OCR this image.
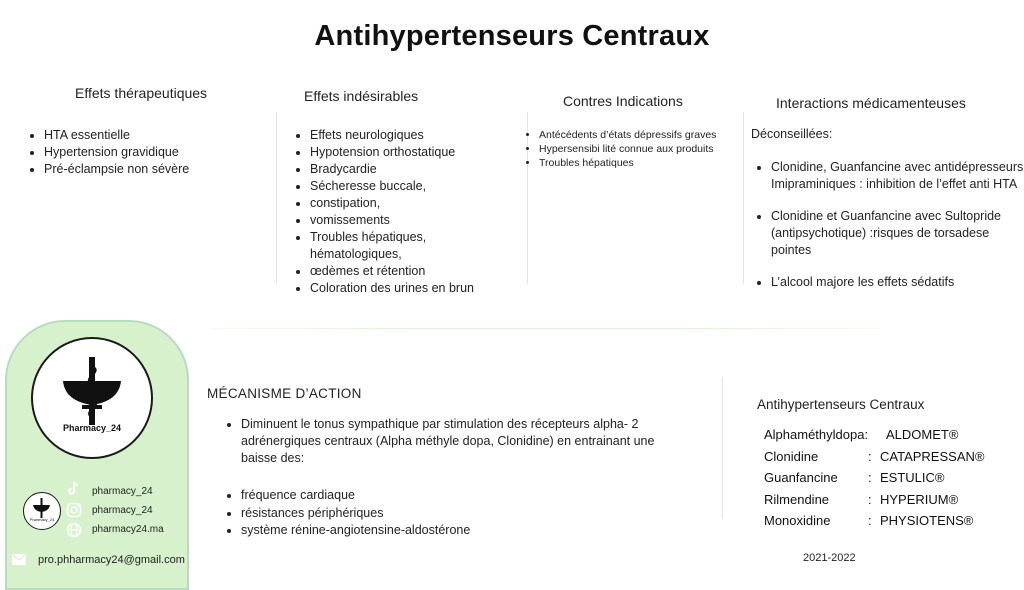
Antihypertenseurs Centraux
Effets thérapeutiques
• HTA essentielle
• Hypertension gravidique
• Pré-éclampsie non sévère
Effets indésirables
• Effets neurologiques
• Hypotension orthostatique
• Bradycardie
• Sécheresse buccale,
• constipation,
• vomissements
• Troubles hépatiques,
hématologiques,
• œdèmes et rétention
• Coloration des urines en brun
Contres Indications
• Antécédents d’états dépressifs graves
• Hypersensibi lité connue aux produits
• Troubles hépatiques
Interactions médicamenteuses
Déconseillées:
• Clonidine, Guanfancine avec antidépresseurs
Imipraminiques : inhibition de l’effet anti HTA
• Clonidine et Guanfancine avec Sultopride
(antipsychotique) :risques de torsadese
pointes
• L’alcool majore les effets sédatifs
Pharmacy_24
Pharmacy_24
pharmacy_24
pharmacy_24
pharmacy24.ma
pro.phharmacy24@gmail.com
MÉCANISME D’ACTION
• Diminuent le tonus sympathique par stimulation des récepteurs alpha- 2
adrénergiques centraux (Alpha méthyle dopa, Clonidine) en entrainant une
baisse des:
• fréquence cardiaque
• résistances périphériques
• système rénine-angiotensine-aldostérone
Antihypertenseurs Centraux
Alphaméthyldopa: ALDOMET®
Clonidine	: CATAPRESSAN®
Guanfancine : ESTULIC®
Rilmendine	: HYPERIUM®
Monoxidine	: PHYSIOTENS®
2021-2022
